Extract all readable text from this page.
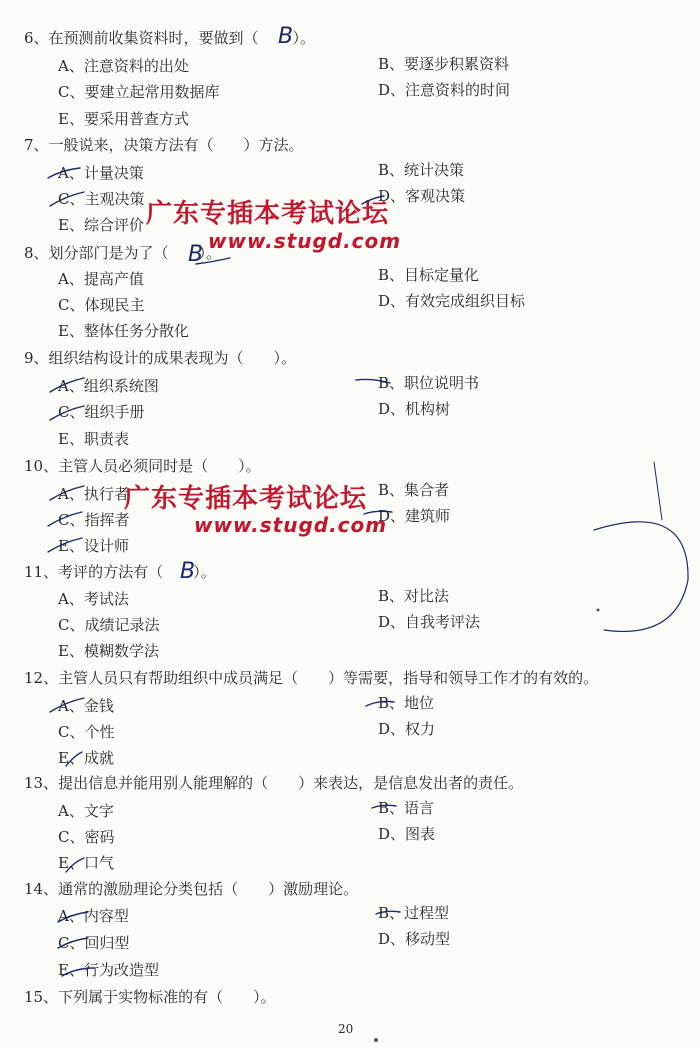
6、在预测前收集资料时，要做到（ ）。
B
A、注意资料的出处	B、要逐步积累资料
C、要建立起常用数据库	D、注意资料的时间
E、要采用普查方式
7、一般说来，决策方法有（　　）方法。
A、计量决策	B、统计决策
C、主观决策	D、客观决策
E、综合评价
8、划分部门是为了（ ）。
B
A、提高产值	B、目标定量化
C、体现民主	D、有效完成组织目标
E、整体任务分散化
9、组织结构设计的成果表现为（　　）。
A、组织系统图	B、职位说明书
C、组织手册	D、机构树
E、职责表
10、主管人员必须同时是（　　）。
A、执行者	B、集合者
C、指挥者	D、建筑师
E、设计师
11、考评的方法有（ ）。
B
A、考试法	B、对比法
C、成绩记录法	D、自我考评法
E、模糊数学法
12、主管人员只有帮助组织中成员满足（　　）等需要，指导和领导工作才的有效的。
A、金钱	B、地位
C、个性	D、权力
E、成就
13、提出信息并能用别人能理解的（　　）来表达，是信息发出者的责任。
A、文字	B、语言
C、密码	D、图表
E、口气
14、通常的激励理论分类包括（　　）激励理论。
A、内容型	B、过程型
C、回归型	D、移动型
E、行为改造型
15、下列属于实物标准的有（　　）。
广东专插本考试论坛
www.stugd.com
广东专插本考试论坛
www.stugd.com
20
